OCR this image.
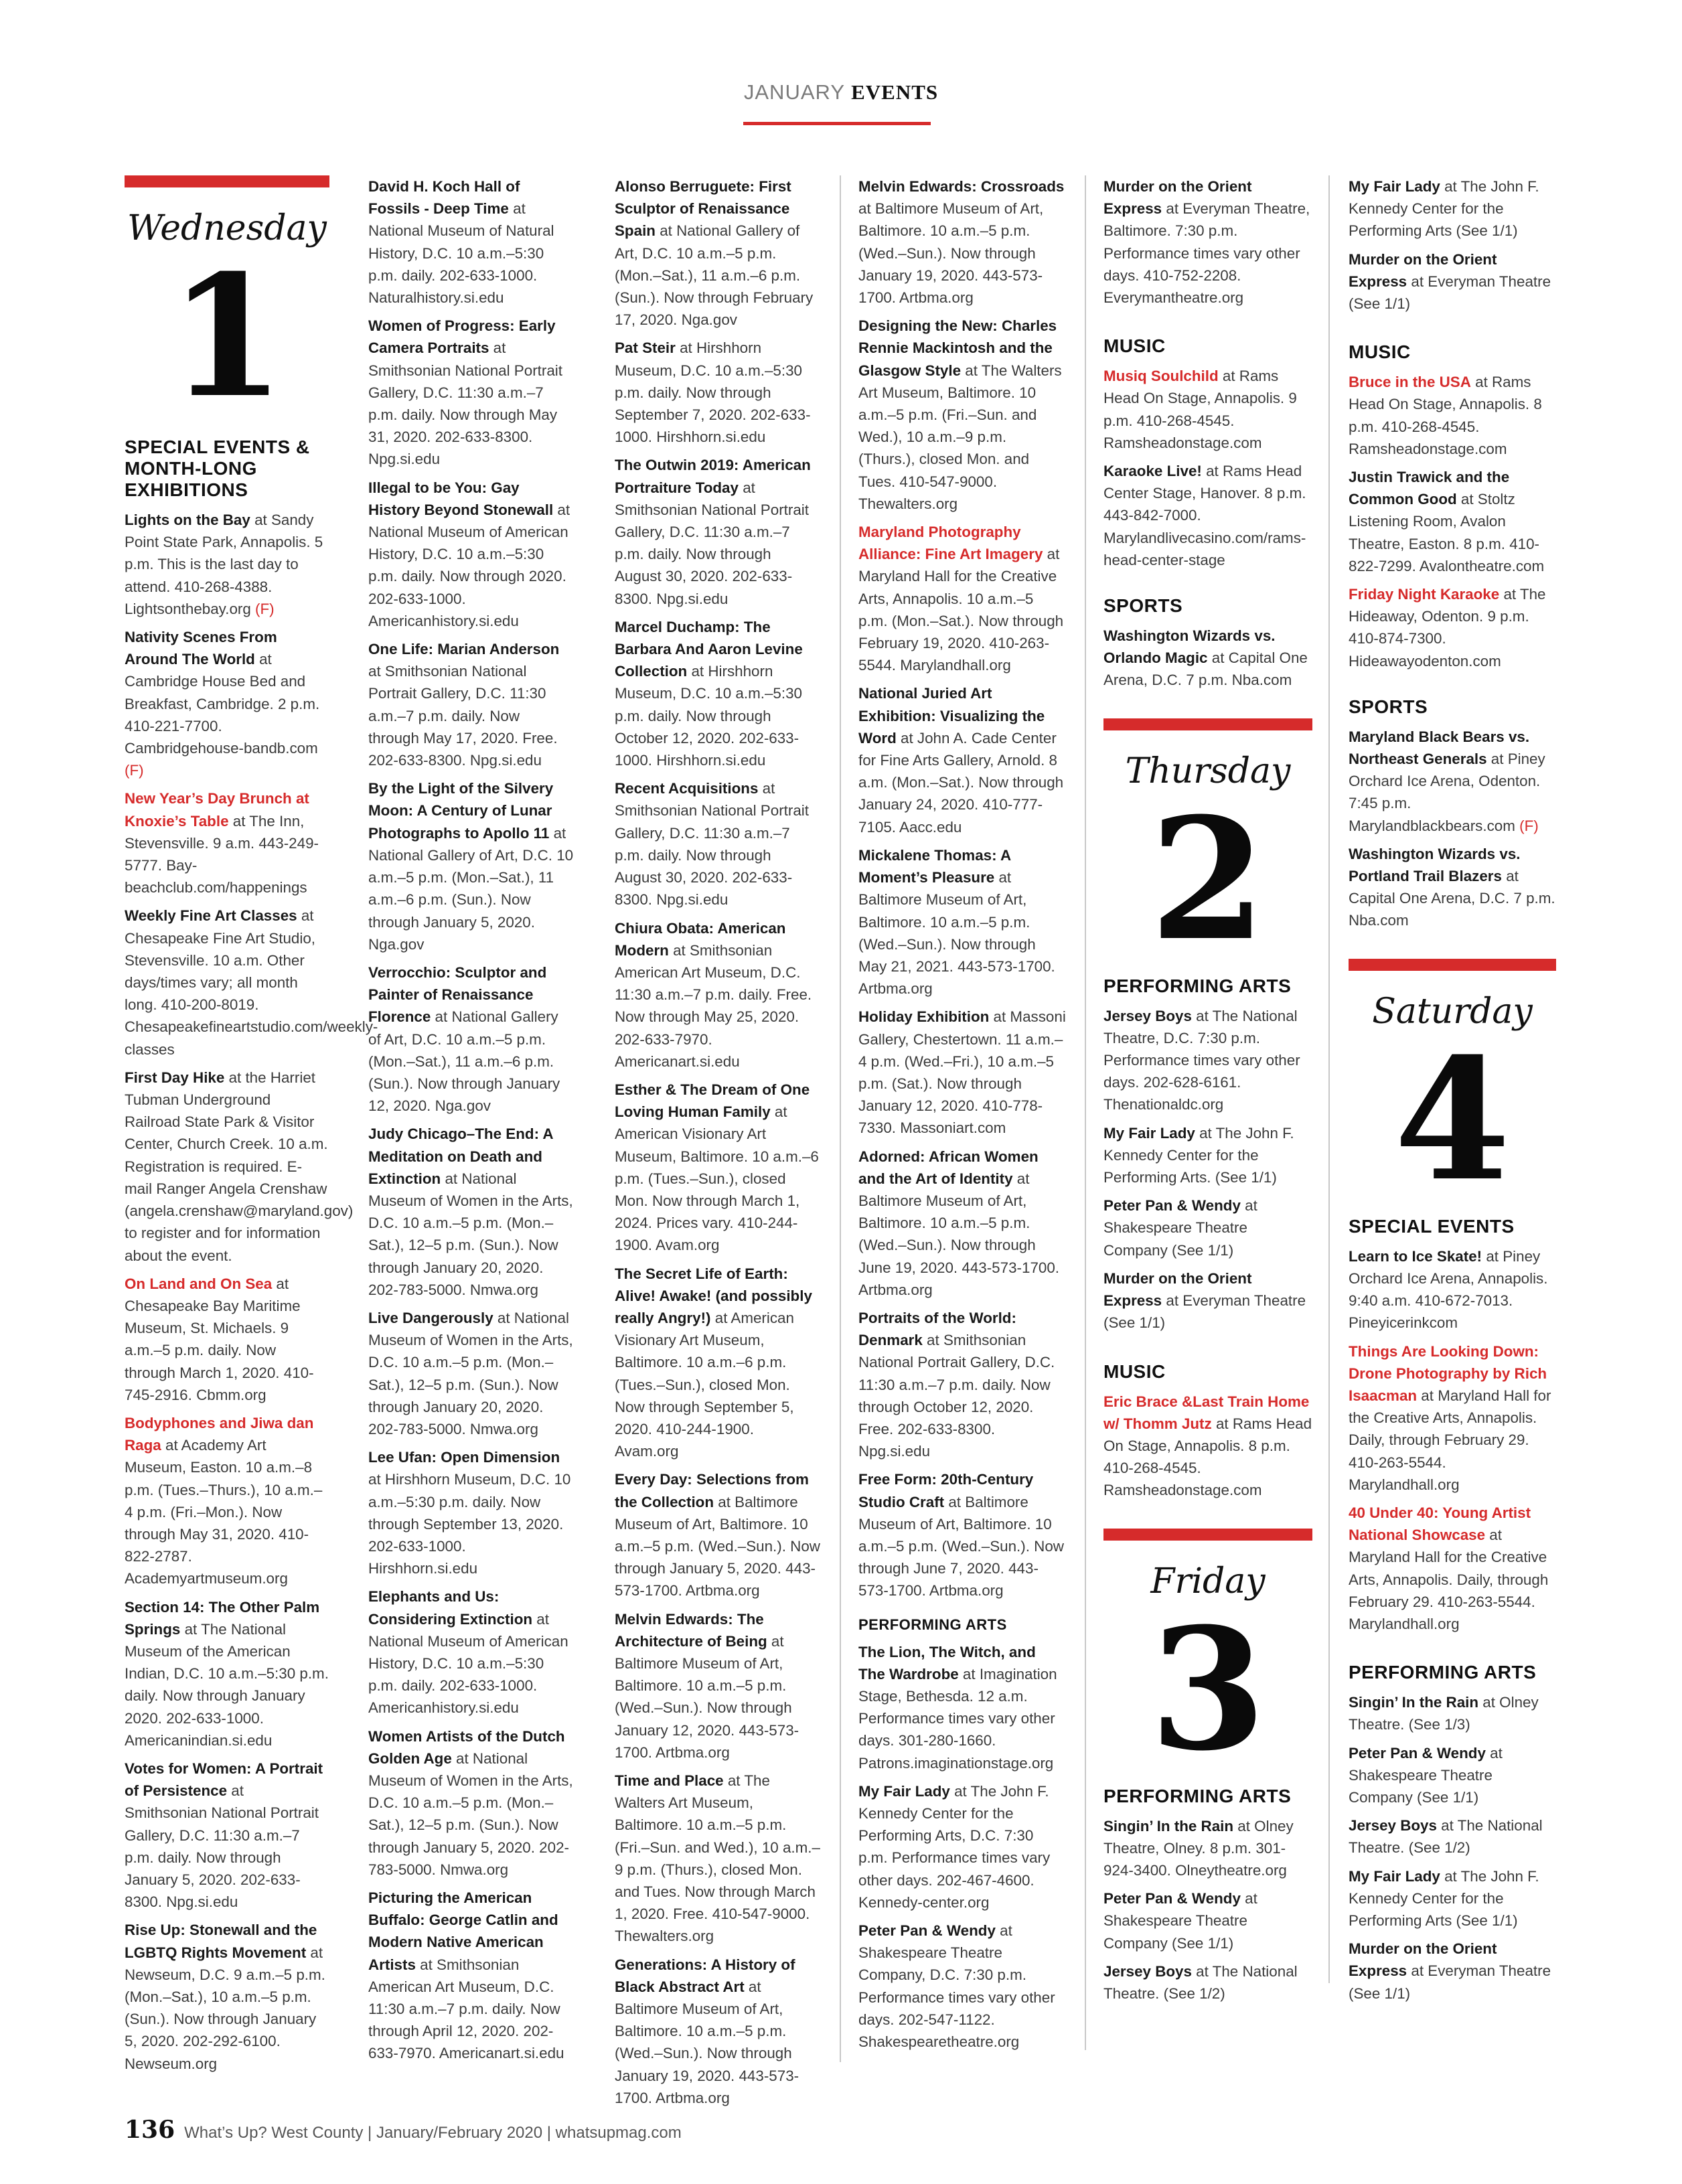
JANUARY EVENTS
Wednesday
1
SPECIAL EVENTS & MONTH-LONG EXHIBITIONS

Lights on the Bay at Sandy Point State Park, Annapolis. 5 p.m. This is the last day to attend. 410-268-4388. Lightsonthebay.org (F)

Nativity Scenes From Around The World at Cambridge House Bed and Breakfast, Cambridge. 2 p.m. 410-221-7700. Cambridgehouse-bandb.com (F)

New Year’s Day Brunch at Knoxie’s Table at The Inn, Stevensville. 9 a.m. 443-249-5777. Bay-beachclub.com/happenings

Weekly Fine Art Classes at Chesapeake Fine Art Studio, Stevensville. 10 a.m. Other days/times vary; all month long. 410-200-8019. Chesapeakefineartstudio.com/weekly-classes

First Day Hike at the Harriet Tubman Underground Railroad State Park & Visitor Center, Church Creek. 10 a.m. Registration is required. E-mail Ranger Angela Crenshaw (angela.crenshaw@maryland.gov) to register and for information about the event.

On Land and On Sea at Chesapeake Bay Maritime Museum, St. Michaels. 9 a.m.–5 p.m. daily. Now through March 1, 2020. 410-745-2916. Cbmm.org

Bodyphones and Jiwa dan Raga at Academy Art Museum, Easton. 10 a.m.–8 p.m. (Tues.–Thurs.), 10 a.m.–4 p.m. (Fri.–Mon.). Now through May 31, 2020. 410-822-2787. Academyartmuseum.org

Section 14: The Other Palm Springs at The National Museum of the American Indian, D.C. 10 a.m.–5:30 p.m. daily. Now through January 2020. 202-633-1000. Americanindian.si.edu

Votes for Women: A Portrait of Persistence at Smithsonian National Portrait Gallery, D.C. 11:30 a.m.–7 p.m. daily. Now through January 5, 2020. 202-633-8300. Npg.si.edu

Rise Up: Stonewall and the LGBTQ Rights Movement at Newseum, D.C. 9 a.m.–5 p.m. (Mon.–Sat.), 10 a.m.–5 p.m. (Sun.). Now through January 5, 2020. 202-292-6100. Newseum.org

David H. Koch Hall of Fossils - Deep Time at National Museum of Natural History, D.C. 10 a.m.–5:30 p.m. daily. 202-633-1000. Naturalhistory.si.edu

Women of Progress: Early Camera Portraits at Smithsonian National Portrait Gallery, D.C. 11:30 a.m.–7 p.m. daily. Now through May 31, 2020. 202-633-8300. Npg.si.edu

Illegal to be You: Gay History Beyond Stonewall at National Museum of American History, D.C. 10 a.m.–5:30 p.m. daily. Now through 2020. 202-633-1000. Americanhistory.si.edu

One Life: Marian Anderson at Smithsonian National Portrait Gallery, D.C. 11:30 a.m.–7 p.m. daily. Now through May 17, 2020. Free. 202-633-8300. Npg.si.edu

By the Light of the Silvery Moon: A Century of Lunar Photographs to Apollo 11 at National Gallery of Art, D.C. 10 a.m.–5 p.m. (Mon.–Sat.), 11 a.m.–6 p.m. (Sun.). Now through January 5, 2020. Nga.gov

Verrocchio: Sculptor and Painter of Renaissance Florence at National Gallery of Art, D.C. 10 a.m.–5 p.m. (Mon.–Sat.), 11 a.m.–6 p.m. (Sun.). Now through January 12, 2020. Nga.gov

Judy Chicago–The End: A Meditation on Death and Extinction at National Museum of Women in the Arts, D.C. 10 a.m.–5 p.m. (Mon.–Sat.), 12–5 p.m. (Sun.). Now through January 20, 2020. 202-783-5000. Nmwa.org

Live Dangerously at National Museum of Women in the Arts, D.C. 10 a.m.–5 p.m. (Mon.–Sat.), 12–5 p.m. (Sun.). Now through January 20, 2020. 202-783-5000. Nmwa.org

Lee Ufan: Open Dimension at Hirshhorn Museum, D.C. 10 a.m.–5:30 p.m. daily. Now through September 13, 2020. 202-633-1000. Hirshhorn.si.edu

Elephants and Us: Considering Extinction at National Museum of American History, D.C. 10 a.m.–5:30 p.m. daily. 202-633-1000. Americanhistory.si.edu

Women Artists of the Dutch Golden Age at National Museum of Women in the Arts, D.C. 10 a.m.–5 p.m. (Mon.–Sat.), 12–5 p.m. (Sun.). Now through January 5, 2020. 202-783-5000. Nmwa.org

Picturing the American Buffalo: George Catlin and Modern Native American Artists at Smithsonian American Art Museum, D.C. 11:30 a.m.–7 p.m. daily. Now through April 12, 2020. 202-633-7970. Americanart.si.edu

Alonso Berruguete: First Sculptor of Renaissance Spain at National Gallery of Art, D.C. 10 a.m.–5 p.m. (Mon.–Sat.), 11 a.m.–6 p.m. (Sun.). Now through February 17, 2020. Nga.gov

Pat Steir at Hirshhorn Museum, D.C. 10 a.m.–5:30 p.m. daily. Now through September 7, 2020. 202-633-1000. Hirshhorn.si.edu

The Outwin 2019: American Portraiture Today at Smithsonian National Portrait Gallery, D.C. 11:30 a.m.–7 p.m. daily. Now through August 30, 2020. 202-633-8300. Npg.si.edu

Marcel Duchamp: The Barbara And Aaron Levine Collection at Hirshhorn Museum, D.C. 10 a.m.–5:30 p.m. daily. Now through October 12, 2020. 202-633-1000. Hirshhorn.si.edu

Recent Acquisitions at Smithsonian National Portrait Gallery, D.C. 11:30 a.m.–7 p.m. daily. Now through August 30, 2020. 202-633-8300. Npg.si.edu

Chiura Obata: American Modern at Smithsonian American Art Museum, D.C. 11:30 a.m.–7 p.m. daily. Free. Now through May 25, 2020. 202-633-7970. Americanart.si.edu

Esther & The Dream of One Loving Human Family at American Visionary Art Museum, Baltimore. 10 a.m.–6 p.m. (Tues.–Sun.), closed Mon. Now through March 1, 2024. Prices vary. 410-244-1900. Avam.org

The Secret Life of Earth: Alive! Awake! (and possibly really Angry!) at American Visionary Art Museum, Baltimore. 10 a.m.–6 p.m. (Tues.–Sun.), closed Mon. Now through September 5, 2020. 410-244-1900. Avam.org

Every Day: Selections from the Collection at Baltimore Museum of Art, Baltimore. 10 a.m.–5 p.m. (Wed.–Sun.). Now through January 5, 2020. 443-573-1700. Artbma.org

Melvin Edwards: The Architecture of Being at Baltimore Museum of Art, Baltimore. 10 a.m.–5 p.m. (Wed.–Sun.). Now through January 12, 2020. 443-573-1700. Artbma.org

Time and Place at The Walters Art Museum, Baltimore. 10 a.m.–5 p.m. (Fri.–Sun. and Wed.), 10 a.m.–9 p.m. (Thurs.), closed Mon. and Tues. Now through March 1, 2020. Free. 410-547-9000. Thewalters.org

Generations: A History of Black Abstract Art at Baltimore Museum of Art, Baltimore. 10 a.m.–5 p.m. (Wed.–Sun.). Now through January 19, 2020. 443-573-1700. Artbma.org

Melvin Edwards: Crossroads at Baltimore Museum of Art, Baltimore. 10 a.m.–5 p.m. (Wed.–Sun.). Now through January 19, 2020. 443-573-1700. Artbma.org

Designing the New: Charles Rennie Mackintosh and the Glasgow Style at The Walters Art Museum, Baltimore. 10 a.m.–5 p.m. (Fri.–Sun. and Wed.), 10 a.m.–9 p.m. (Thurs.), closed Mon. and Tues. 410-547-9000. Thewalters.org

Maryland Photography Alliance: Fine Art Imagery at Maryland Hall for the Creative Arts, Annapolis. 10 a.m.–5 p.m. (Mon.–Sat.). Now through February 19, 2020. 410-263-5544. Marylandhall.org

National Juried Art Exhibition: Visualizing the Word at John A. Cade Center for Fine Arts Gallery, Arnold. 8 a.m. (Mon.–Sat.). Now through January 24, 2020. 410-777-7105. Aacc.edu

Mickalene Thomas: A Moment’s Pleasure at Baltimore Museum of Art, Baltimore. 10 a.m.–5 p.m. (Wed.–Sun.). Now through May 21, 2021. 443-573-1700. Artbma.org

Holiday Exhibition at Massoni Gallery, Chestertown. 11 a.m.–4 p.m. (Wed.–Fri.), 10 a.m.–5 p.m. (Sat.). Now through January 12, 2020. 410-778-7330. Massoniart.com

Adorned: African Women and the Art of Identity at Baltimore Museum of Art, Baltimore. 10 a.m.–5 p.m. (Wed.–Sun.). Now through June 19, 2020. 443-573-1700. Artbma.org

Portraits of the World: Denmark at Smithsonian National Portrait Gallery, D.C. 11:30 a.m.–7 p.m. daily. Now through October 12, 2020. Free. 202-633-8300. Npg.si.edu

Free Form: 20th-Century Studio Craft at Baltimore Museum of Art, Baltimore. 10 a.m.–5 p.m. (Wed.–Sun.). Now through June 7, 2020. 443-573-1700. Artbma.org

PERFORMING ARTS

The Lion, The Witch, and The Wardrobe at Imagination Stage, Bethesda. 12 a.m. Performance times vary other days. 301-280-1660. Patrons.imaginationstage.org

My Fair Lady at The John F. Kennedy Center for the Performing Arts, D.C. 7:30 p.m. Performance times vary other days. 202-467-4600. Kennedy-center.org

Peter Pan & Wendy at Shakespeare Theatre Company, D.C. 7:30 p.m. Performance times vary other days. 202-547-1122. Shakespearetheatre.org

Murder on the Orient Express at Everyman Theatre, Baltimore. 7:30 p.m. Performance times vary other days. 410-752-2208. Everymantheatre.org

MUSIC

Musiq Soulchild at Rams Head On Stage, Annapolis. 9 p.m. 410-268-4545. Ramsheadonstage.com

Karaoke Live! at Rams Head Center Stage, Hanover. 8 p.m. 443-842-7000. Marylandlivecasino.com/rams-head-center-stage

SPORTS

Washington Wizards vs. Orlando Magic at Capital One Arena, D.C. 7 p.m. Nba.com

Thursday
2
PERFORMING ARTS

Jersey Boys at The National Theatre, D.C. 7:30 p.m. Performance times vary other days. 202-628-6161. Thenationaldc.org

My Fair Lady at The John F. Kennedy Center for the Performing Arts. (See 1/1)

Peter Pan & Wendy at Shakespeare Theatre Company (See 1/1)

Murder on the Orient Express at Everyman Theatre (See 1/1)

MUSIC

Eric Brace &Last Train Home w/ Thomm Jutz at Rams Head On Stage, Annapolis. 8 p.m. 410-268-4545. Ramsheadonstage.com

Friday
3
PERFORMING ARTS

Singin’ In the Rain at Olney Theatre, Olney. 8 p.m. 301-924-3400. Olneytheatre.org

Peter Pan & Wendy at Shakespeare Theatre Company (See 1/1)

Jersey Boys at The National Theatre. (See 1/2)

My Fair Lady at The John F. Kennedy Center for the Performing Arts (See 1/1)

Murder on the Orient Express at Everyman Theatre (See 1/1)

MUSIC

Bruce in the USA at Rams Head On Stage, Annapolis. 8 p.m. 410-268-4545. Ramsheadonstage.com

Justin Trawick and the Common Good at Stoltz Listening Room, Avalon Theatre, Easton. 8 p.m. 410-822-7299. Avalontheatre.com

Friday Night Karaoke at The Hideaway, Odenton. 9 p.m. 410-874-7300. Hideawayodenton.com

SPORTS

Maryland Black Bears vs. Northeast Generals at Piney Orchard Ice Arena, Odenton. 7:45 p.m. Marylandblackbears.com (F)

Washington Wizards vs. Portland Trail Blazers at Capital One Arena, D.C. 7 p.m. Nba.com

Saturday
4
SPECIAL EVENTS

Learn to Ice Skate! at Piney Orchard Ice Arena, Annapolis. 9:40 a.m. 410-672-7013. Pineyicerinkcom

Things Are Looking Down: Drone Photography by Rich Isaacman at Maryland Hall for the Creative Arts, Annapolis. Daily, through February 29. 410-263-5544. Marylandhall.org

40 Under 40: Young Artist National Showcase at Maryland Hall for the Creative Arts, Annapolis. Daily, through February 29. 410-263-5544. Marylandhall.org

PERFORMING ARTS

Singin’ In the Rain at Olney Theatre. (See 1/3)

Peter Pan & Wendy at Shakespeare Theatre Company (See 1/1)

Jersey Boys at The National Theatre. (See 1/2)

My Fair Lady at The John F. Kennedy Center for the Performing Arts (See 1/1)

Murder on the Orient Express at Everyman Theatre (See 1/1)

136 What’s Up? West County | January/February 2020 | whatsupmag.com
